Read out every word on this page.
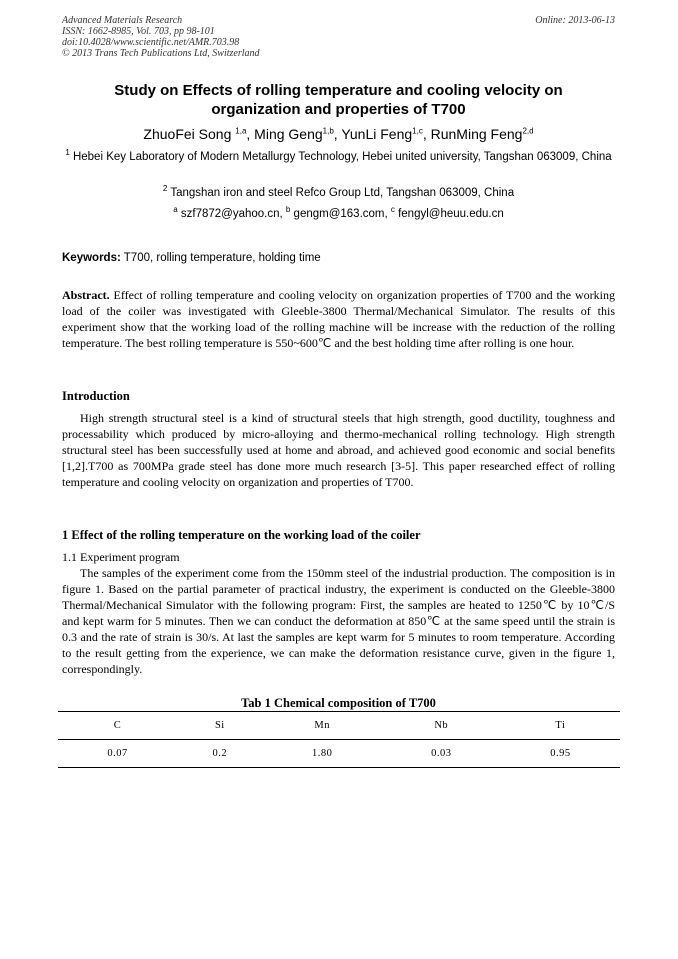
Advanced Materials Research
ISSN: 1662-8985, Vol. 703, pp 98-101
doi:10.4028/www.scientific.net/AMR.703.98
© 2013 Trans Tech Publications Ltd, Switzerland
Online: 2013-06-13
Study on Effects of rolling temperature and cooling velocity on
organization and properties of T700
ZhuoFei Song $^{1,a}$, Ming Geng$^{1,b}$, YunLi Feng$^{1,c}$, RunMing Feng$^{2,d}$
$^1$ Hebei Key Laboratory of Modern Metallurgy Technology, Hebei united university, Tangshan 063009, China
$^2$ Tangshan iron and steel Refco Group Ltd, Tangshan 063009, China
$^a$ szf7872@yahoo.cn, $^b$ gengm@163.com, $^c$ fengyl@heuu.edu.cn
Keywords: T700, rolling temperature, holding time
Abstract. Effect of rolling temperature and cooling velocity on organization properties of T700 and the working load of the coiler was investigated with Gleeble-3800 Thermal/Mechanical Simulator. The results of this experiment show that the working load of the rolling machine will be increase with the reduction of the rolling temperature. The best rolling temperature is 550~600℃ and the best holding time after rolling is one hour.
Introduction
High strength structural steel is a kind of structural steels that high strength, good ductility, toughness and processability which produced by micro-alloying and thermo-mechanical rolling technology. High strength structural steel has been successfully used at home and abroad, and achieved good economic and social benefits [1,2].T700 as 700MPa grade steel has done more much research [3-5]. This paper researched effect of rolling temperature and cooling velocity on organization and properties of T700.
1 Effect of the rolling temperature on the working load of the coiler
1.1 Experiment program
The samples of the experiment come from the 150mm steel of the industrial production. The composition is in figure 1. Based on the partial parameter of practical industry, the experiment is conducted on the Gleeble-3800 Thermal/Mechanical Simulator with the following program: First, the samples are heated to 1250℃ by 10℃/S and kept warm for 5 minutes. Then we can conduct the deformation at 850℃ at the same speed until the strain is 0.3 and the rate of strain is 30/s. At last the samples are kept warm for 5 minutes to room temperature. According to the result getting from the experience, we can make the deformation resistance curve, given in the figure 1, correspondingly.
Tab 1 Chemical composition of T700
C	Si	Mn	Nb	Ti
0.07	0.2	1.80	0.03	0.95
